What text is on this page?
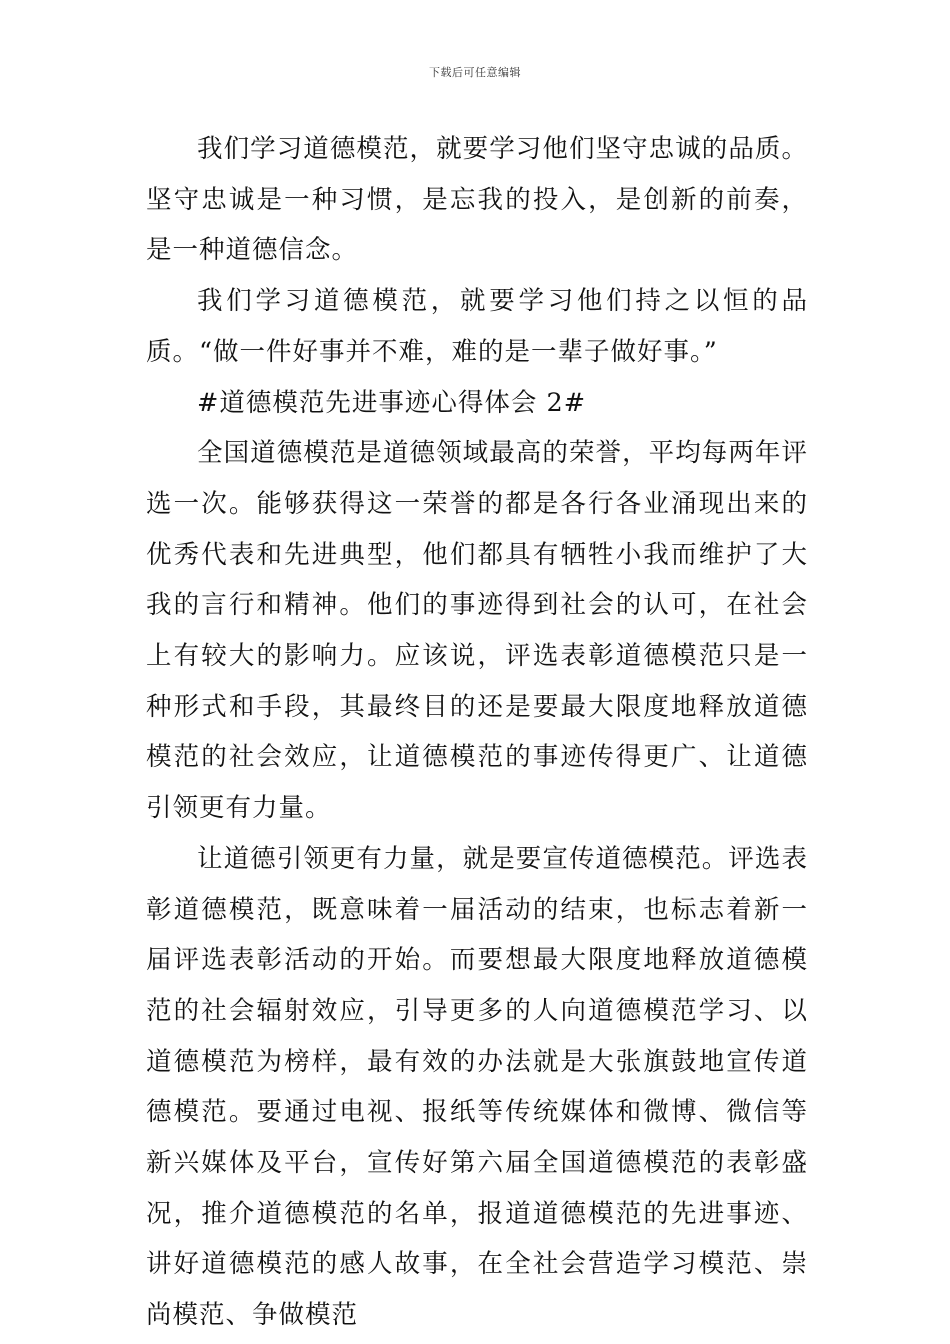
下载后可任意编辑

我们学习道德模范，就要学习他们坚守忠诚的品质。坚守忠诚是一种习惯，是忘我的投入，是创新的前奏，是一种道德信念。

我们学习道德模范，就要学习他们持之以恒的品质。“做一件好事并不难，难的是一辈子做好事。”

#道德模范先进事迹心得体会 2#

全国道德模范是道德领域最高的荣誉，平均每两年评选一次。能够获得这一荣誉的都是各行各业涌现出来的优秀代表和先进典型，他们都具有牺牲小我而维护了大我的言行和精神。他们的事迹得到社会的认可，在社会上有较大的影响力。应该说，评选表彰道德模范只是一种形式和手段，其最终目的还是要最大限度地释放道德模范的社会效应，让道德模范的事迹传得更广、让道德引领更有力量。

让道德引领更有力量，就是要宣传道德模范。评选表彰道德模范，既意味着一届活动的结束，也标志着新一届评选表彰活动的开始。而要想最大限度地释放道德模范的社会辐射效应，引导更多的人向道德模范学习、以道德模范为榜样，最有效的办法就是大张旗鼓地宣传道德模范。要通过电视、报纸等传统媒体和微博、微信等新兴媒体及平台，宣传好第六届全国道德模范的表彰盛况，推介道德模范的名单，报道道德模范的先进事迹、讲好道德模范的感人故事，在全社会营造学习模范、崇尚模范、争做模范
